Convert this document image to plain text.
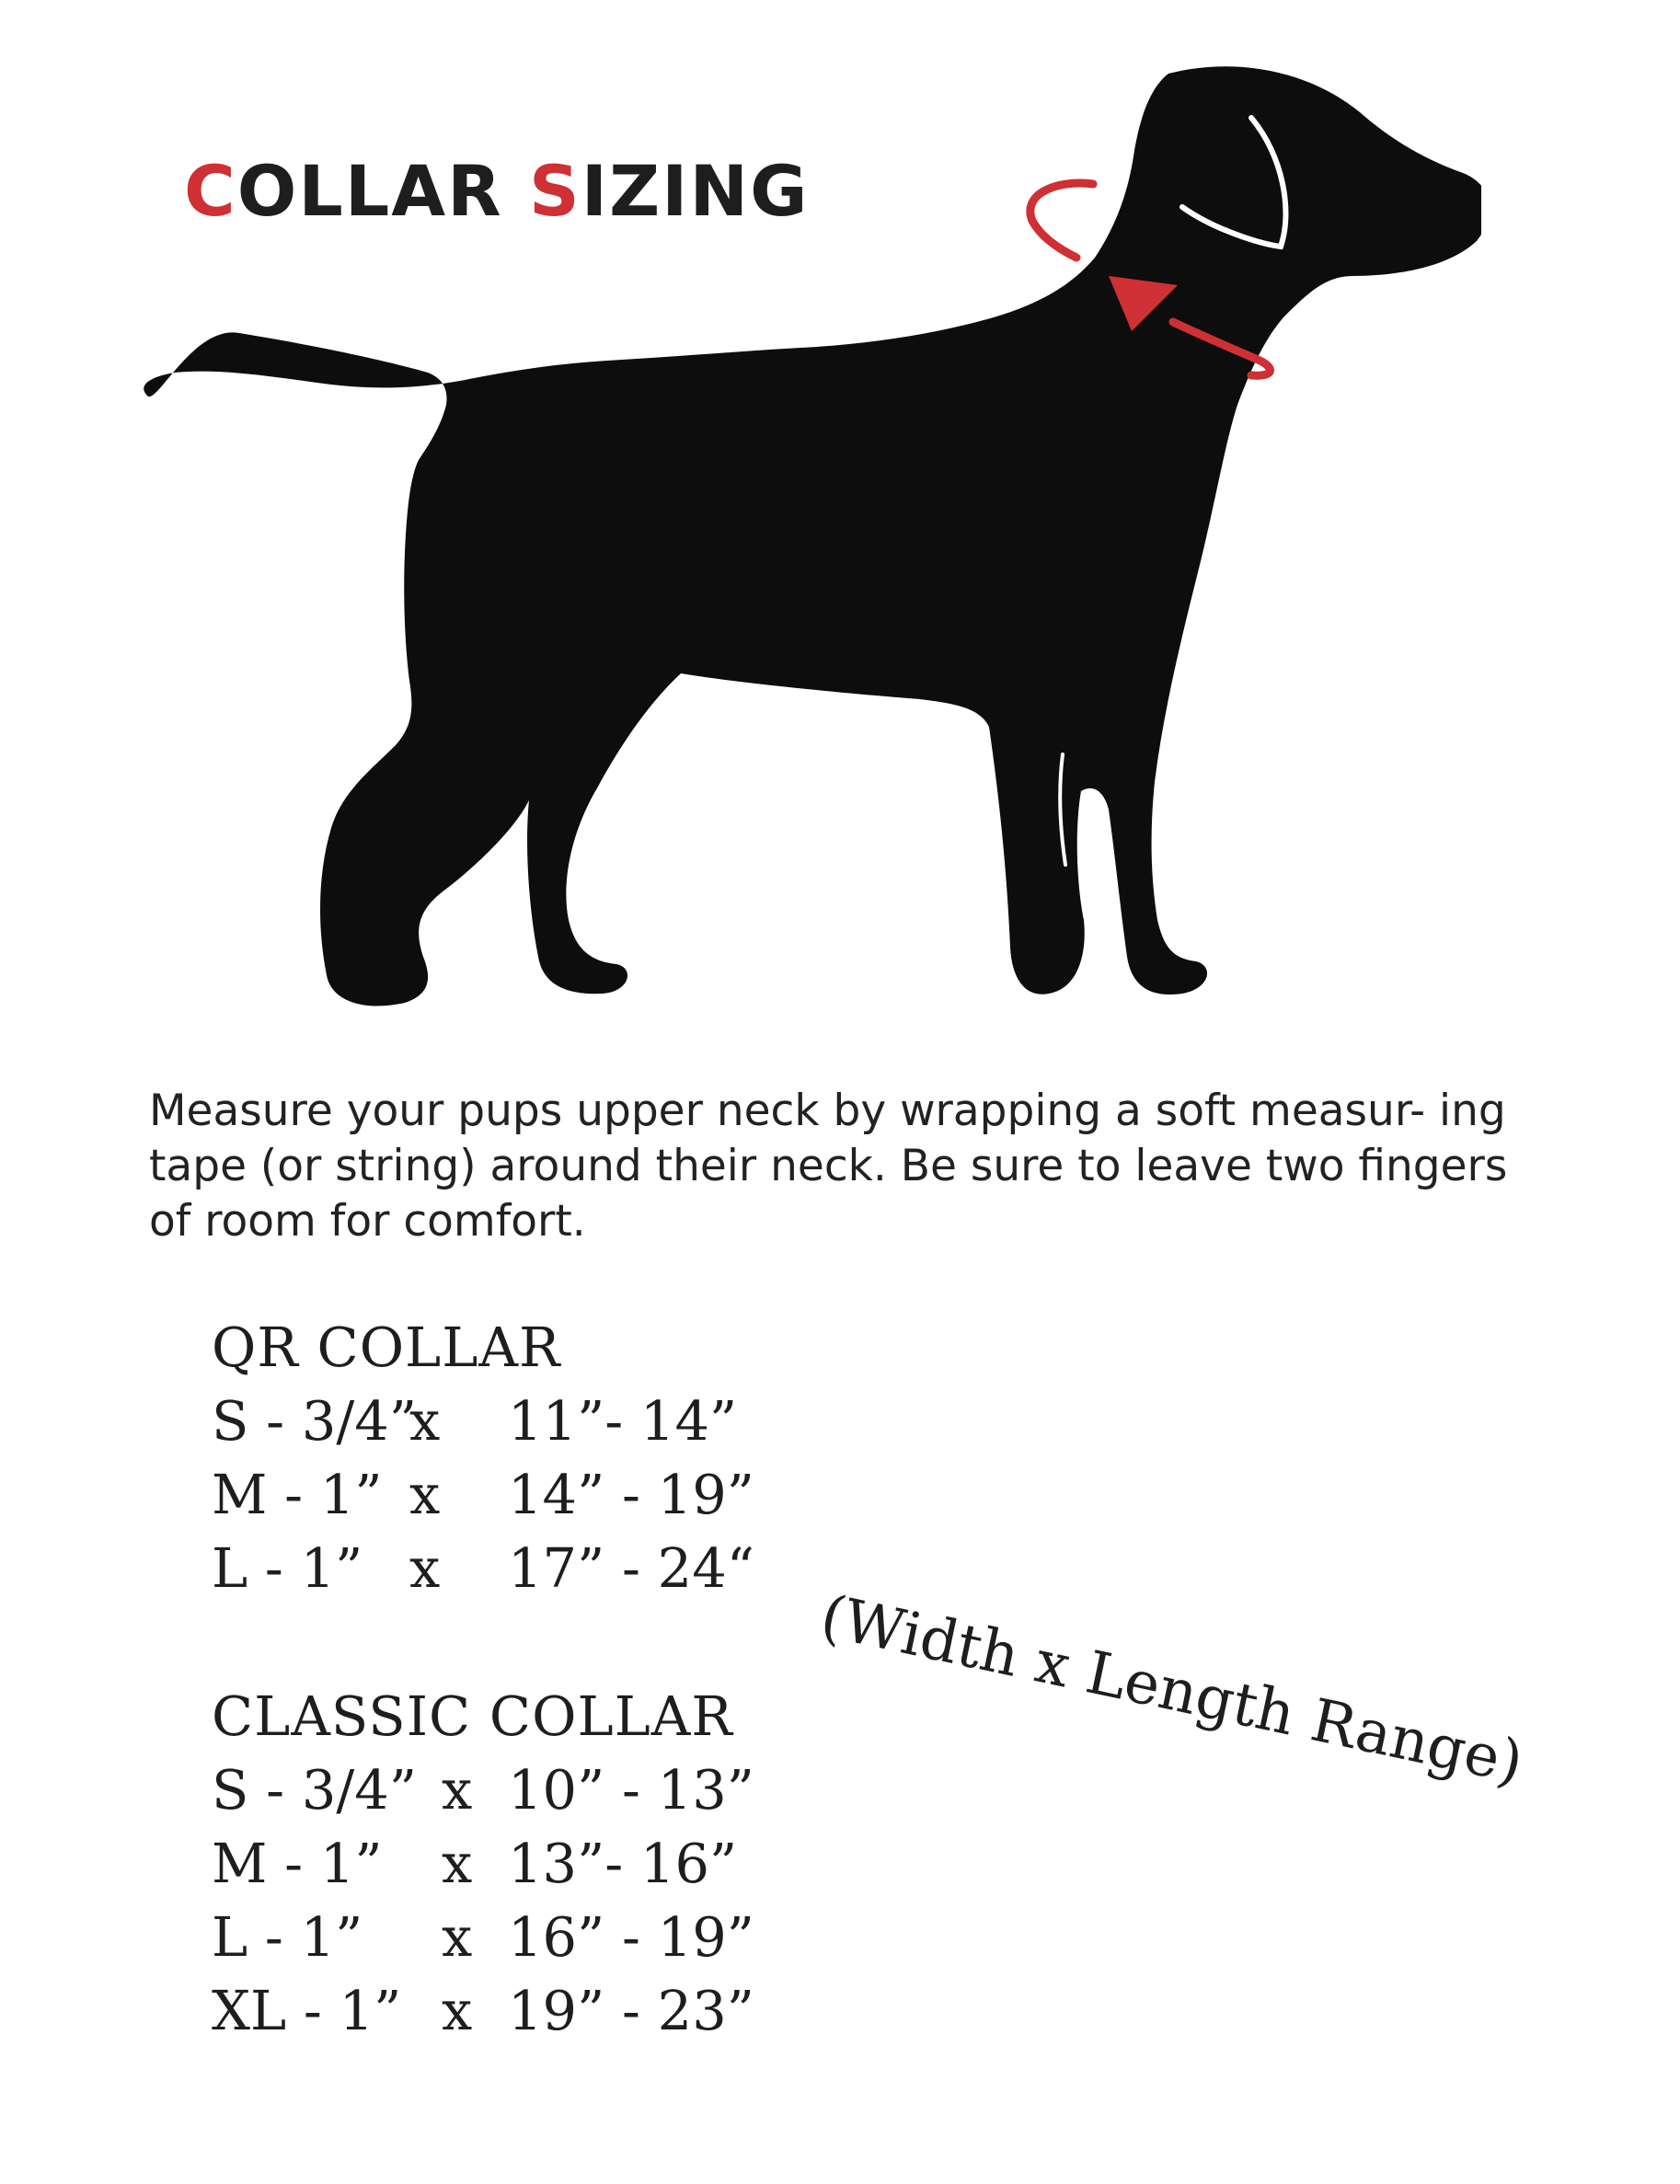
COLLAR SIZING

Measure your pups upper neck by wrapping a soft measur- ing tape (or string) around their neck. Be sure to leave two fingers of room for comfort.

QR COLLAR
S - 3/4”
x 11”- 14”
M - 1” x 14” - 19”
L - 1” x 17” - 24“

(Width x Length Range)

CLASSIC COLLAR
S - 3/4” x 10” - 13”
M - 1” x 13”- 16”
L - 1” x 16” - 19”
XL - 1” x 19” - 23”
